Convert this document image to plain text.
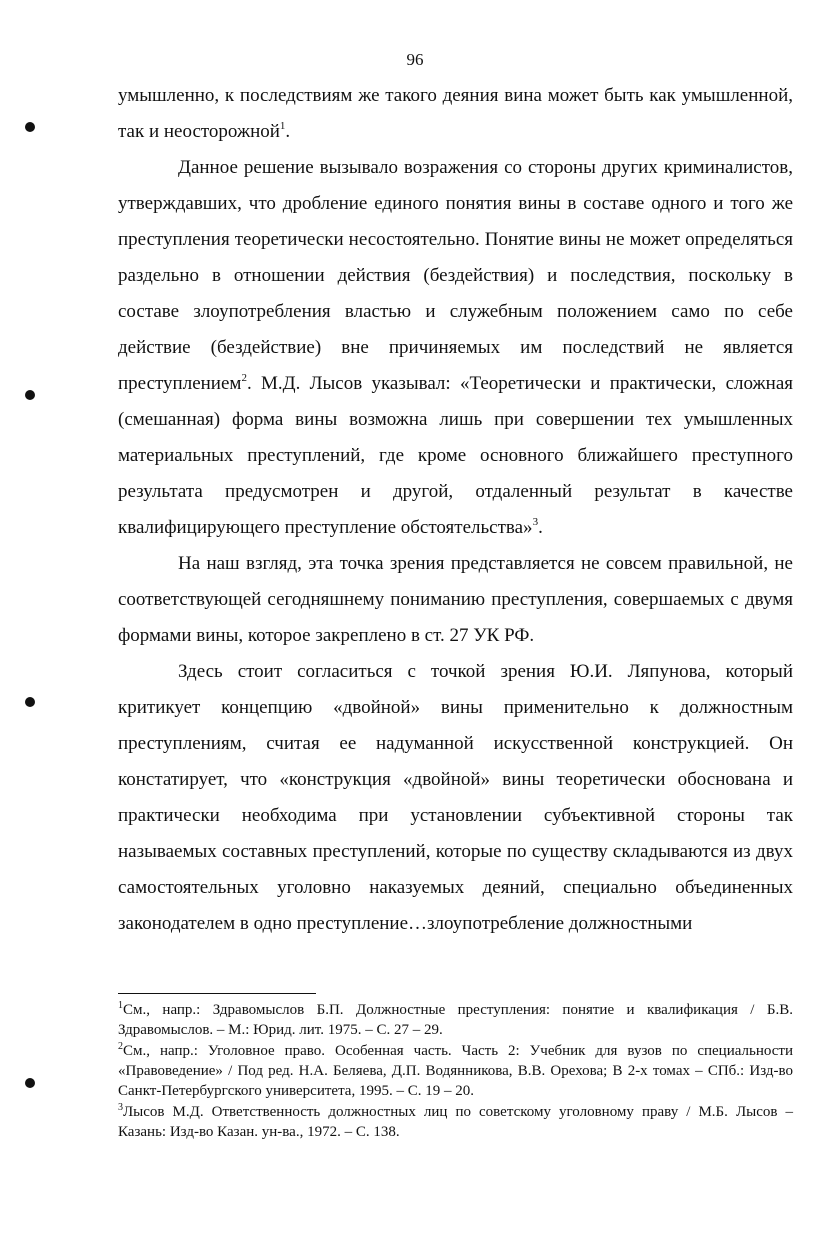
96

умышленно, к последствиям же такого деяния вина может быть как умышленной, так и неосторожной$^1$.

Данное решение вызывало возражения со стороны других криминалистов, утверждавших, что дробление единого понятия вины в составе одного и того же преступления теоретически несостоятельно. Понятие вины не может определяться раздельно в отношении действия (бездействия) и последствия, поскольку в составе злоупотребления властью и служебным положением само по себе действие (бездействие) вне причиняемых им последствий не является преступлением$^2$. М.Д. Лысов указывал: «Теоретически и практически, сложная (смешанная) форма вины возможна лишь при совершении тех умышленных материальных преступлений, где кроме основного ближайшего преступного результата предусмотрен и другой, отдаленный результат в качестве квалифицирующего преступление обстоятельства»$^3$.

На наш взгляд, эта точка зрения представляется не совсем правильной, не соответствующей сегодняшнему пониманию преступления, совершаемых с двумя формами вины, которое закреплено в ст. 27 УК РФ.

Здесь стоит согласиться с точкой зрения Ю.И. Ляпунова, который критикует концепцию «двойной» вины применительно к должностным преступлениям, считая ее надуманной искусственной конструкцией. Он констатирует, что «конструкция «двойной» вины теоретически обоснована и практически необходима при установлении субъективной стороны так называемых составных преступлений, которые по существу складываются из двух самостоятельных уголовно наказуемых деяний, специально объединенных законодателем в одно преступление…злоупотребление должностными

$^1$См., напр.: Здравомыслов Б.П. Должностные преступления: понятие и квалификация / Б.В. Здравомыслов. – М.: Юрид. лит. 1975. – С. 27 – 29.

$^2$См., напр.: Уголовное право. Особенная часть. Часть 2: Учебник для вузов по специальности «Правоведение» / Под ред. Н.А. Беляева, Д.П. Водянникова, В.В. Орехова; В 2-х томах – СПб.: Изд-во Санкт-Петербургского университета, 1995. – С. 19 – 20.

$^3$Лысов М.Д. Ответственность должностных лиц по советскому уголовному праву / М.Б. Лысов – Казань: Изд-во Казан. ун-ва., 1972. – С. 138.
